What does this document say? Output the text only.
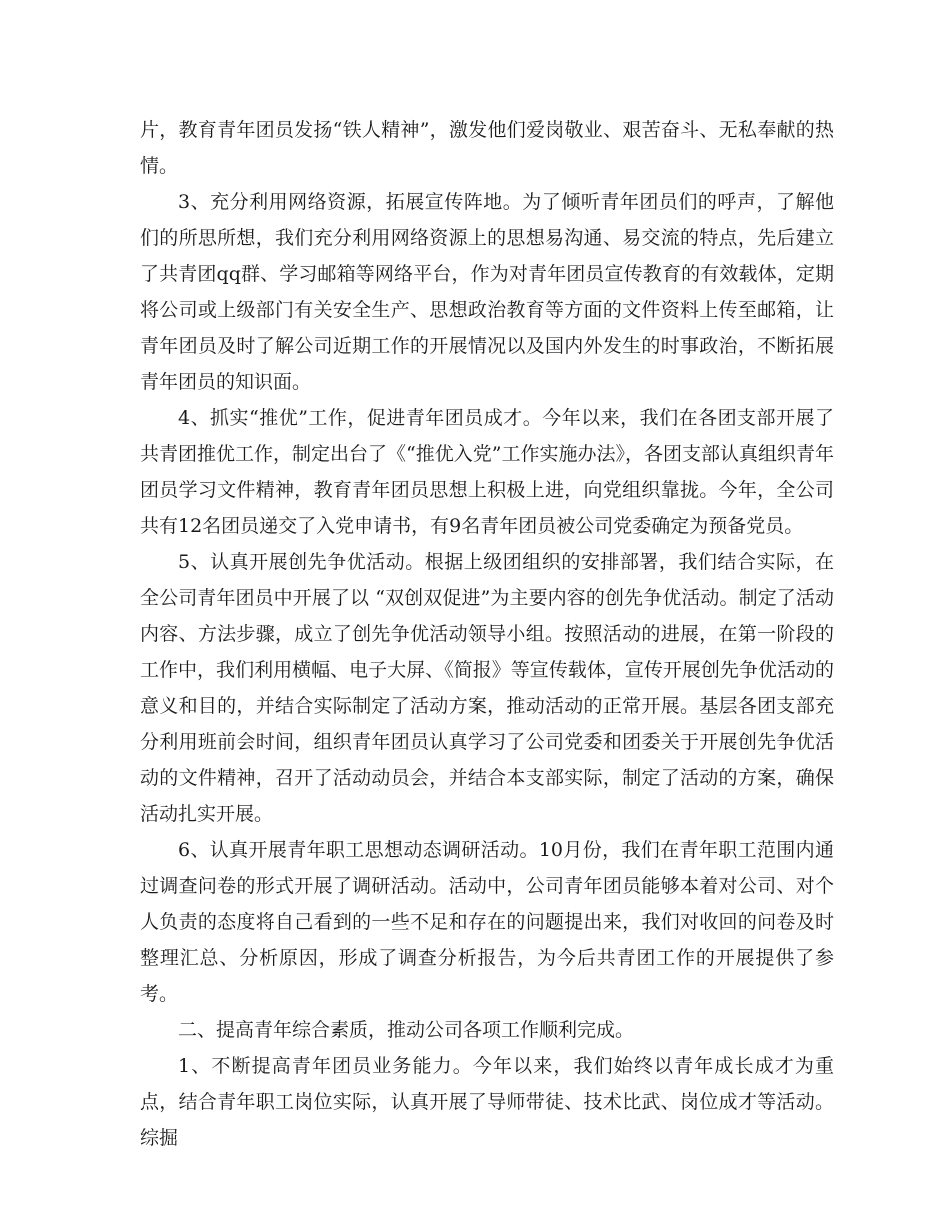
片，教育青年团员发扬“铁人精神”，激发他们爱岗敬业、艰苦奋斗、无私奉献的热情。

3、充分利用网络资源，拓展宣传阵地。为了倾听青年团员们的呼声，了解他们的所思所想，我们充分利用网络资源上的思想易沟通、易交流的特点，先后建立了共青团qq群、学习邮箱等网络平台，作为对青年团员宣传教育的有效载体，定期将公司或上级部门有关安全生产、思想政治教育等方面的文件资料上传至邮箱，让青年团员及时了解公司近期工作的开展情况以及国内外发生的时事政治，不断拓展青年团员的知识面。

4、抓实“推优”工作，促进青年团员成才。今年以来，我们在各团支部开展了共青团推优工作，制定出台了《“推优入党”工作实施办法》，各团支部认真组织青年团员学习文件精神，教育青年团员思想上积极上进，向党组织靠拢。今年，全公司共有12名团员递交了入党申请书，有9名青年团员被公司党委确定为预备党员。

5、认真开展创先争优活动。根据上级团组织的安排部署，我们结合实际，在全公司青年团员中开展了以 “双创双促进”为主要内容的创先争优活动。制定了活动内容、方法步骤，成立了创先争优活动领导小组。按照活动的进展，在第一阶段的工作中，我们利用横幅、电子大屏、《简报》等宣传载体，宣传开展创先争优活动的意义和目的，并结合实际制定了活动方案，推动活动的正常开展。基层各团支部充分利用班前会时间，组织青年团员认真学习了公司党委和团委关于开展创先争优活动的文件精神，召开了活动动员会，并结合本支部实际，制定了活动的方案，确保活动扎实开展。

6、认真开展青年职工思想动态调研活动。10月份，我们在青年职工范围内通过调查问卷的形式开展了调研活动。活动中，公司青年团员能够本着对公司、对个人负责的态度将自己看到的一些不足和存在的问题提出来，我们对收回的问卷及时整理汇总、分析原因，形成了调查分析报告，为今后共青团工作的开展提供了参考。

二、提高青年综合素质，推动公司各项工作顺利完成。

1、不断提高青年团员业务能力。今年以来，我们始终以青年成长成才为重点，结合青年职工岗位实际，认真开展了导师带徒、技术比武、岗位成才等活动。综掘
